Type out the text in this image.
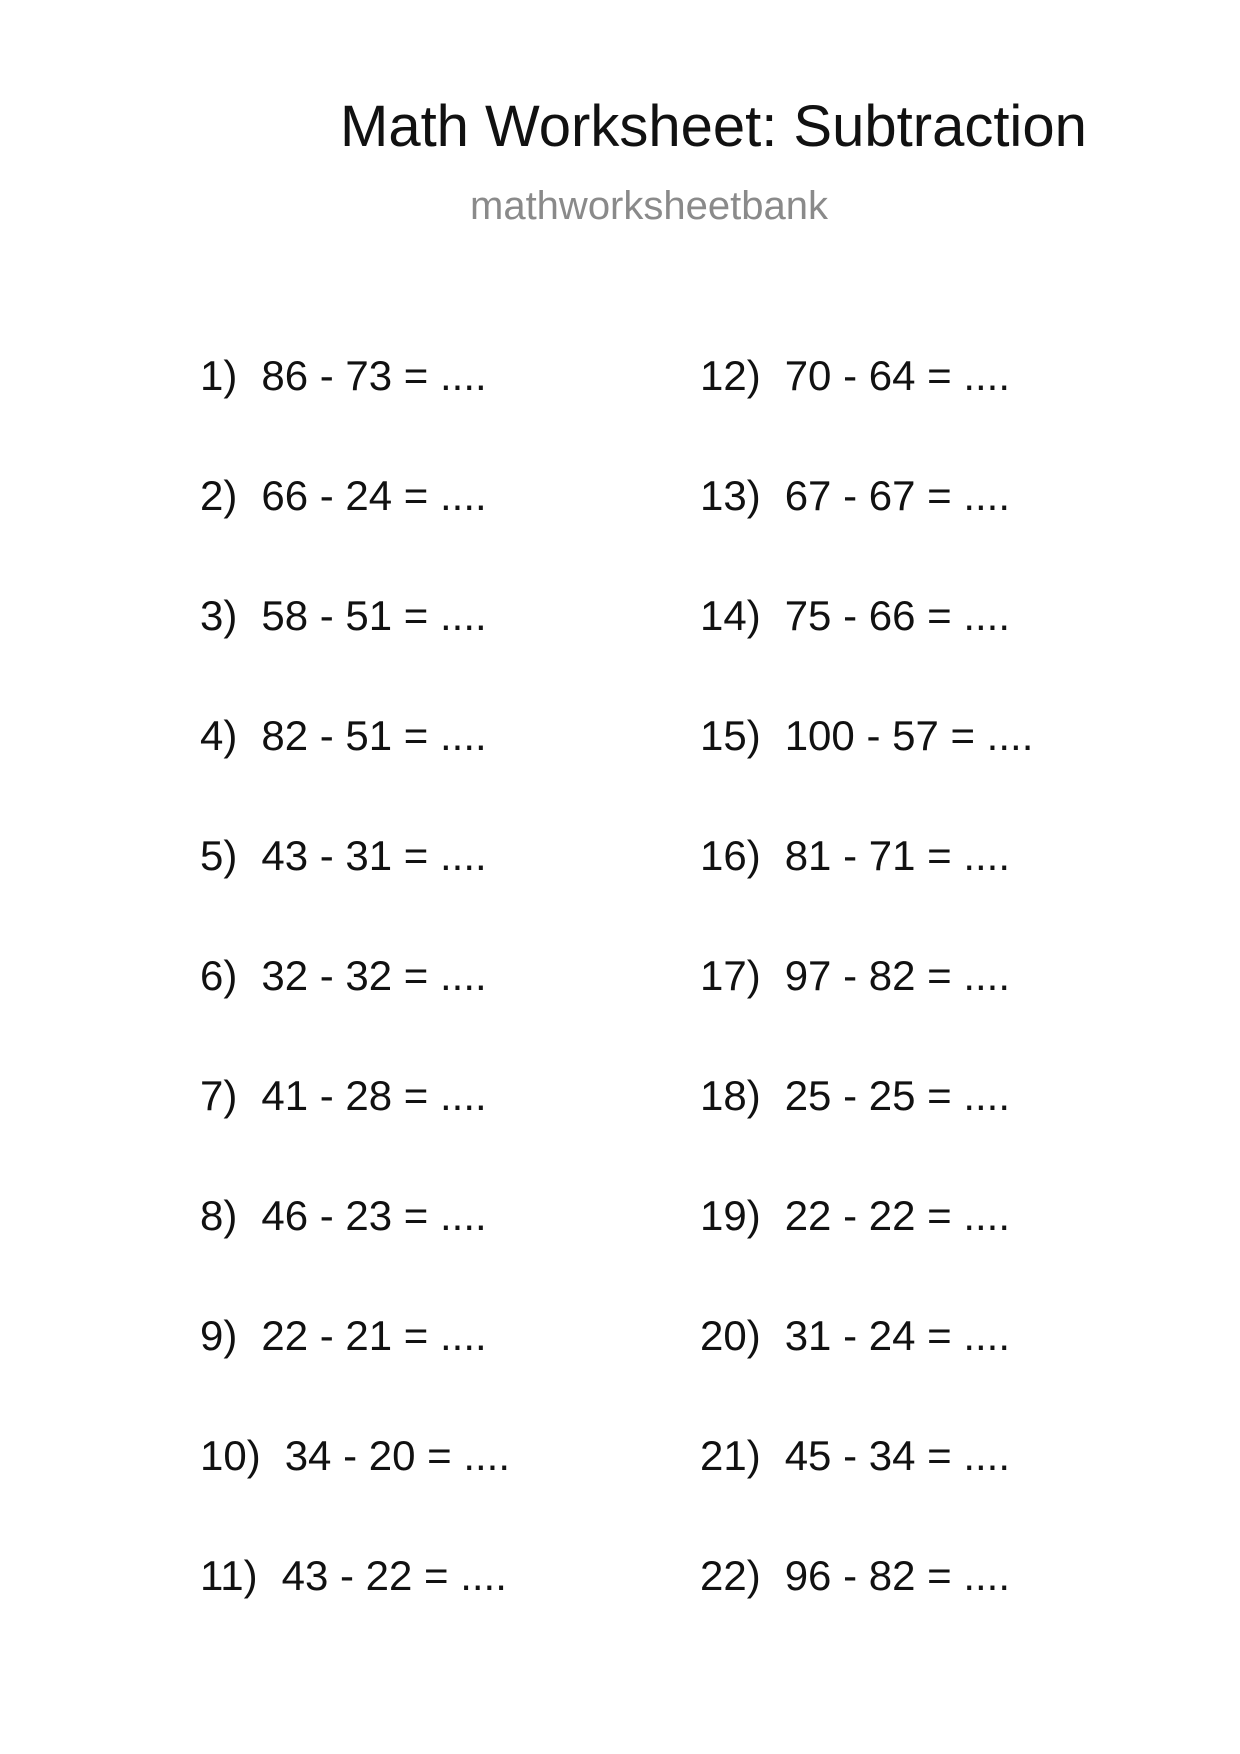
Math Worksheet: Subtraction
mathworksheetbank
1) 86 - 73 = ....
2) 66 - 24 = ....
3) 58 - 51 = ....
4) 82 - 51 = ....
5) 43 - 31 = ....
6) 32 - 32 = ....
7) 41 - 28 = ....
8) 46 - 23 = ....
9) 22 - 21 = ....
10) 34 - 20 = ....
11) 43 - 22 = ....
12) 70 - 64 = ....
13) 67 - 67 = ....
14) 75 - 66 = ....
15) 100 - 57 = ....
16) 81 - 71 = ....
17) 97 - 82 = ....
18) 25 - 25 = ....
19) 22 - 22 = ....
20) 31 - 24 = ....
21) 45 - 34 = ....
22) 96 - 82 = ....
